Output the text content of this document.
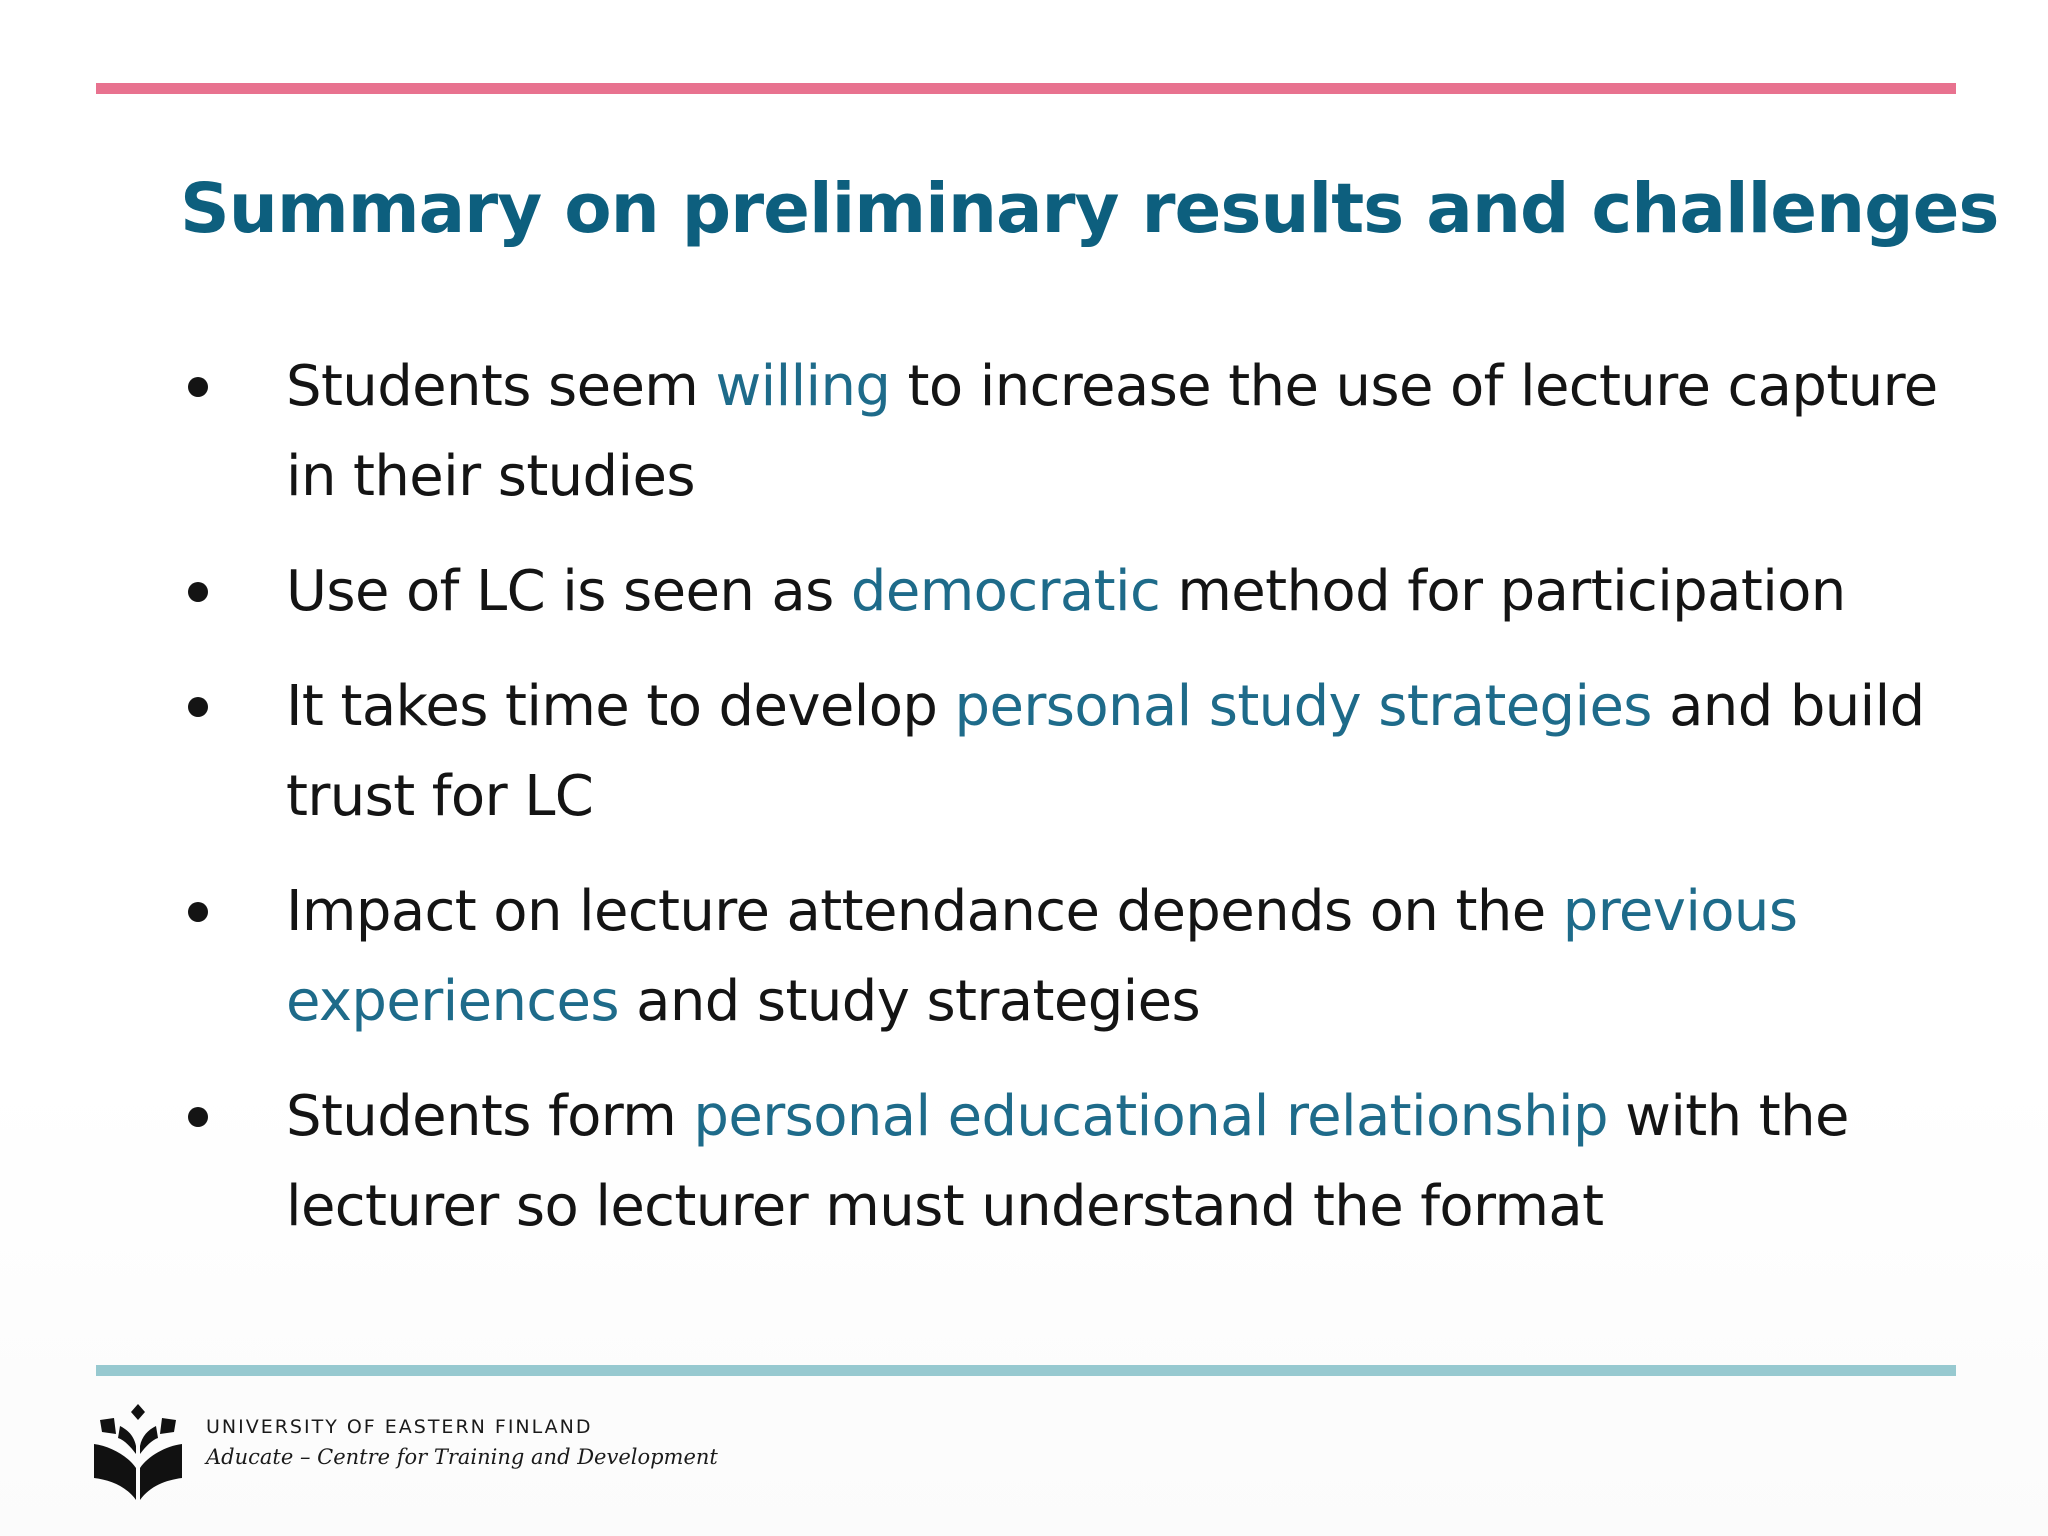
Summary on preliminary results and challenges
Students seem willing to increase the use of lecture capture in their studies
Use of LC is seen as democratic method for participation
It takes time to develop personal study strategies and build trust for LC
Impact on lecture attendance depends on the previous experiences and study strategies
Students form personal educational relationship with the lecturer so lecturer must understand the format
UNIVERSITY OF EASTERN FINLAND
Aducate – Centre for Training and Development
